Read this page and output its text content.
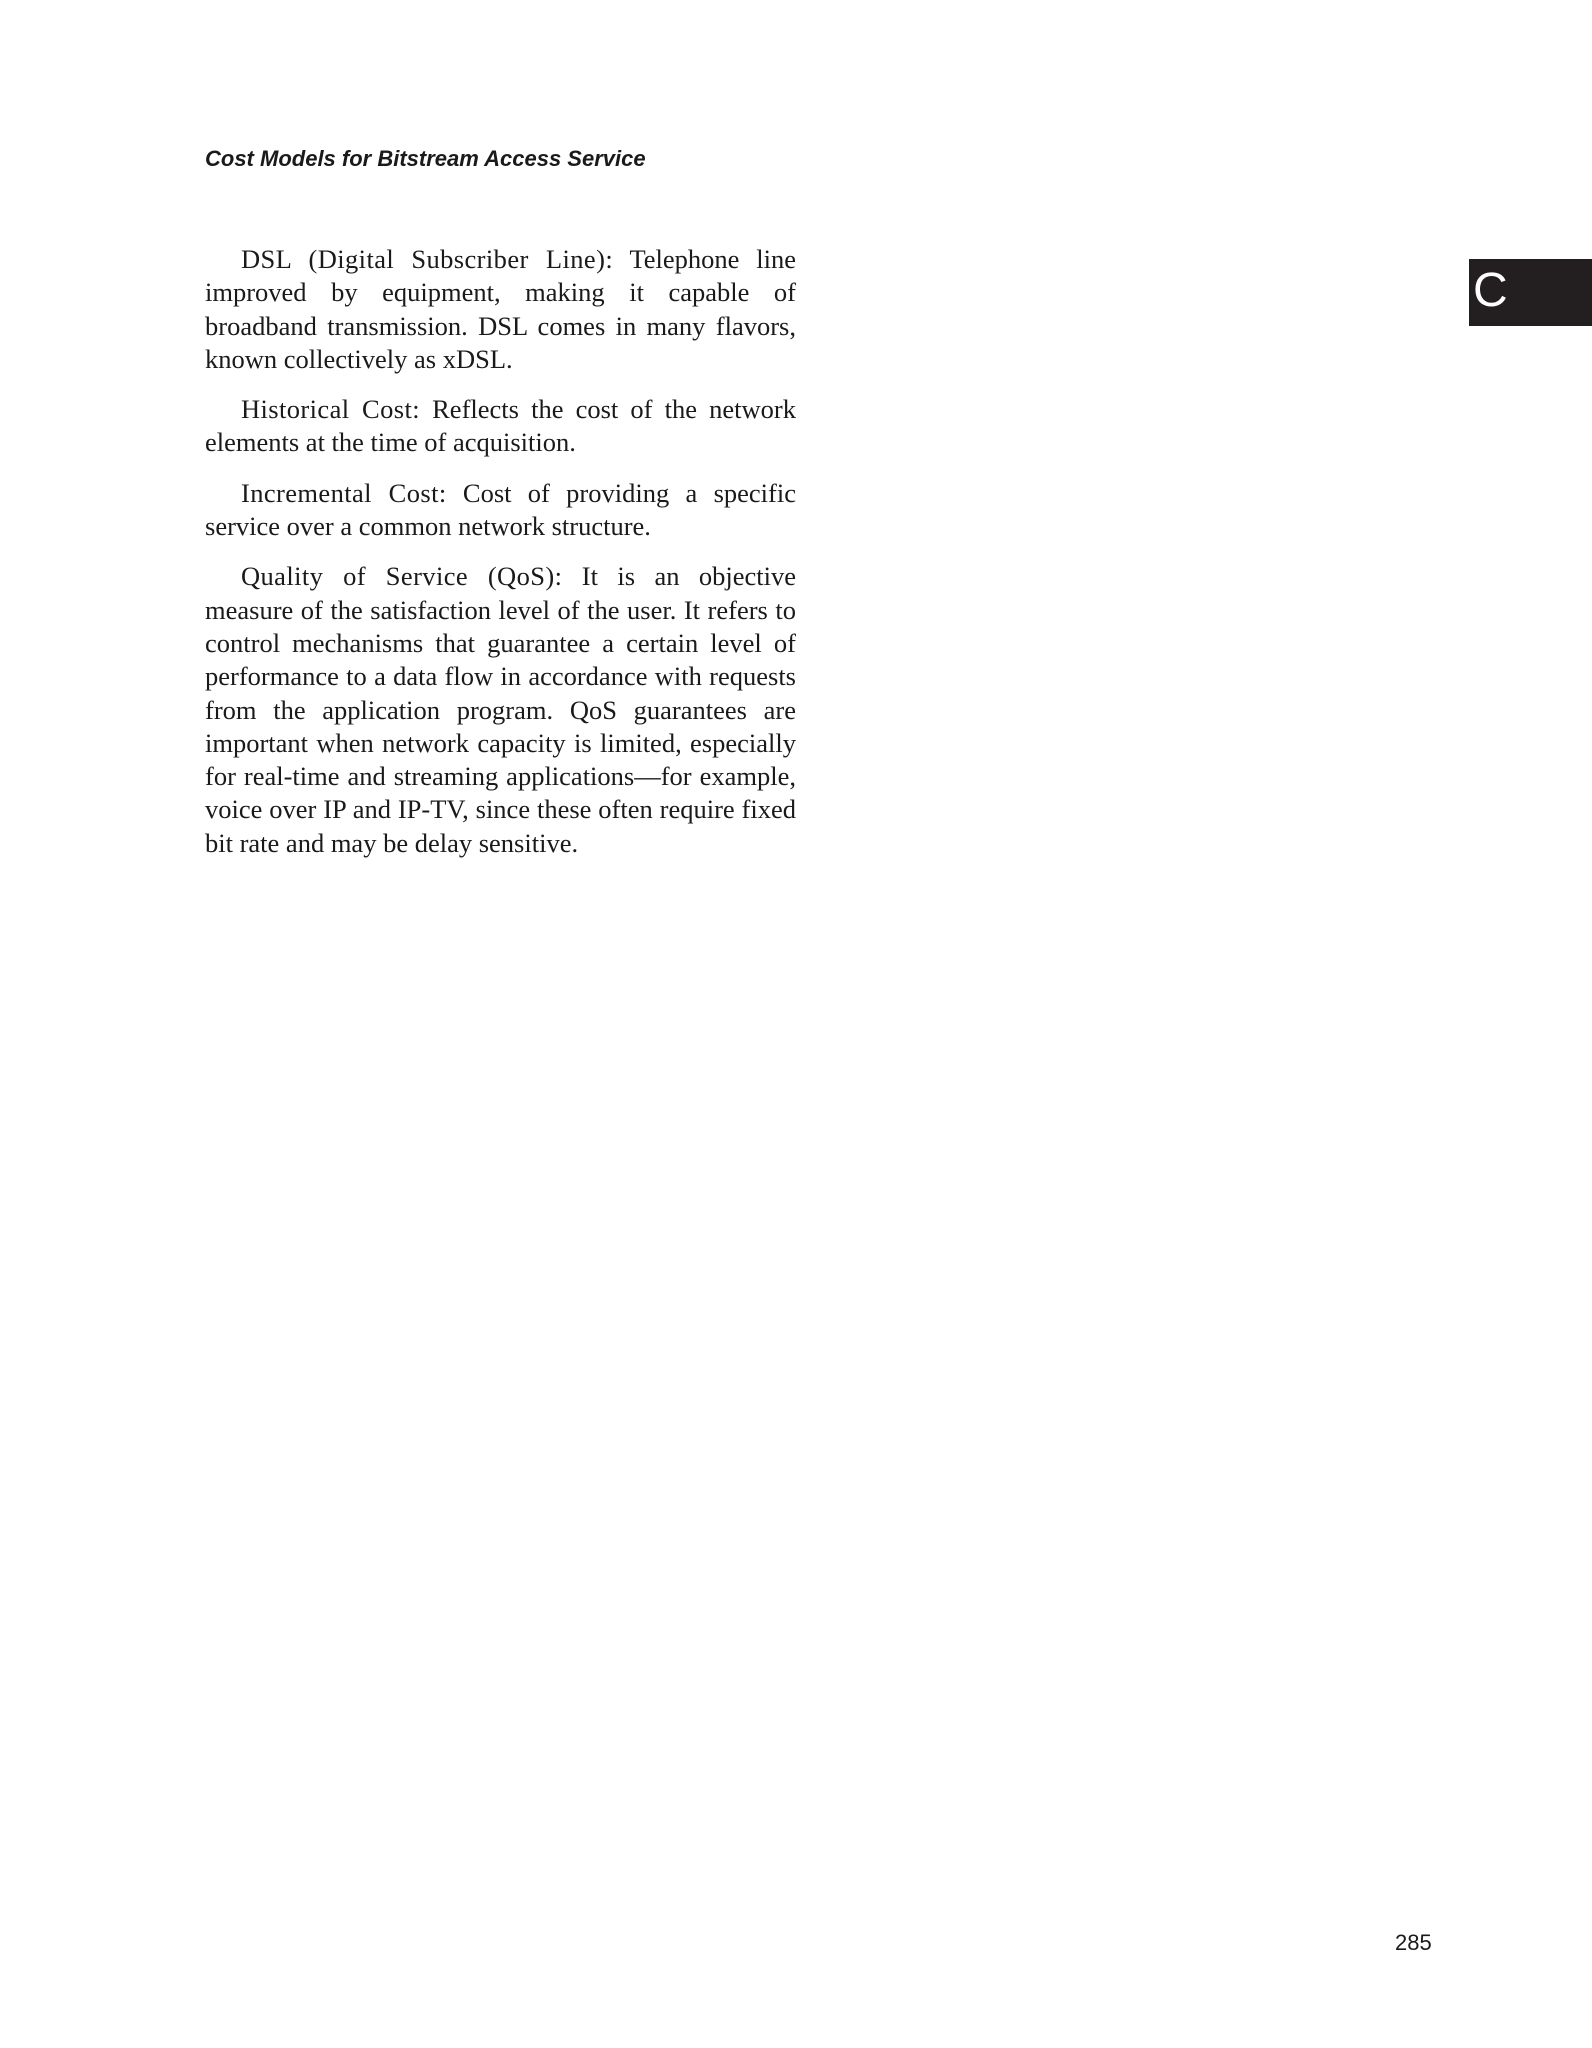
Cost Models for Bitstream Access Service
C

DSL (Digital Subscriber Line): Telephone line improved by equipment, making it capable of broadband transmission. DSL comes in many flavors, known collectively as xDSL.

Historical Cost: Reflects the cost of the network elements at the time of acquisition.

Incremental Cost: Cost of providing a specific service over a common network structure.

Quality of Service (QoS): It is an objective measure of the satisfaction level of the user. It refers to control mechanisms that guarantee a certain level of performance to a data flow in accordance with requests from the application program. QoS guarantees are important when network capacity is limited, especially for real-time and streaming applications—for example, voice over IP and IP-TV, since these often require fixed bit rate and may be delay sensitive.

285
